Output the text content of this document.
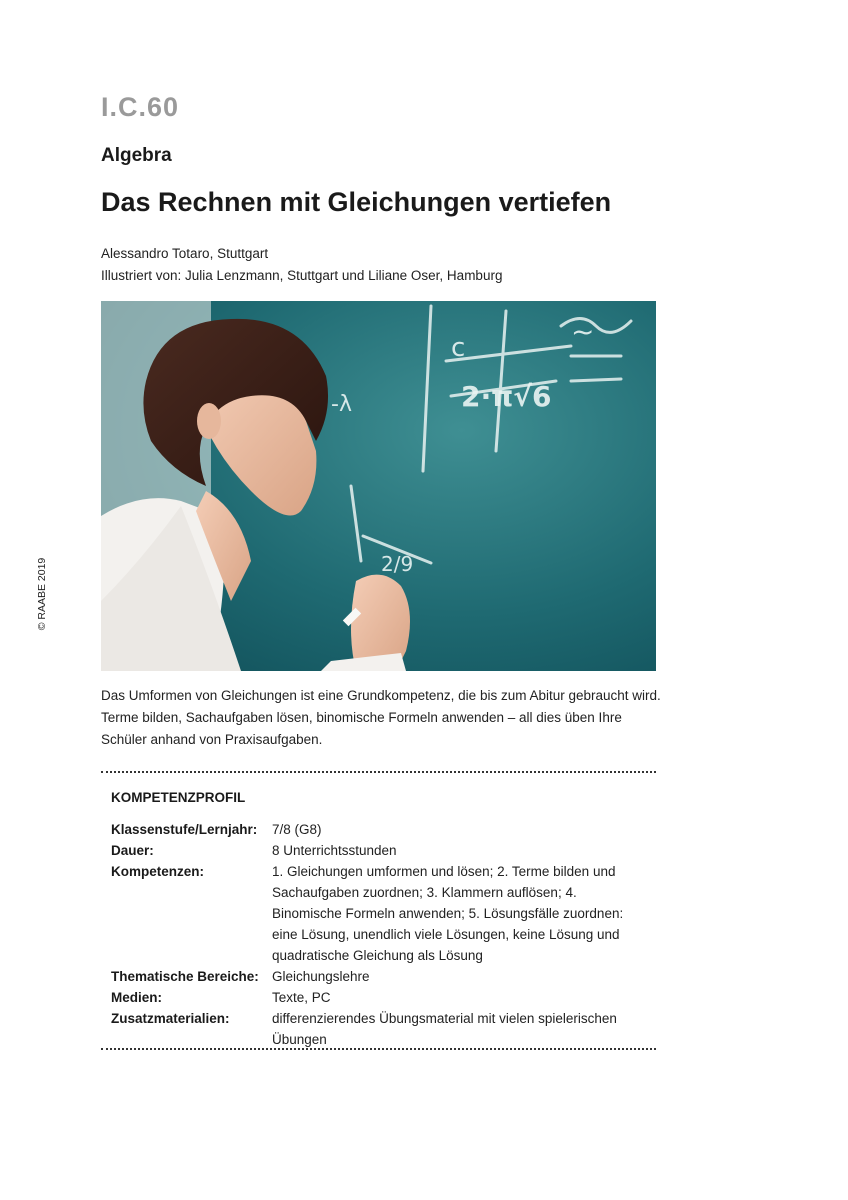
I.C.60
Algebra
Das Rechnen mit Gleichungen vertiefen
Alessandro Totaro, Stuttgart
Illustriert von: Julia Lenzmann, Stuttgart und Liliane Oser, Hamburg
© RAABE 2019
-λ	2⋅π√6
c
2/9
~

Das Umformen von Gleichungen ist eine Grundkompetenz, die bis zum Abitur gebraucht wird. Terme bilden, Sachaufgaben lösen, binomische Formeln anwenden – all dies üben Ihre Schüler anhand von Praxisaufgaben.

KOMPETENZPROFIL
Klassenstufe/Lernjahr:	7/8 (G8)
Dauer:	8 Unterrichtsstunden
Kompetenzen:	1. Gleichungen umformen und lösen; 2. Terme bilden und Sachaufgaben zuordnen; 3. Klammern auflösen; 4. Binomische Formeln anwenden; 5. Lösungsfälle zuordnen: eine Lösung, unendlich viele Lösungen, keine Lösung und quadratische Gleichung als Lösung
Thematische Bereiche: Gleichungslehre
Medien:	Texte, PC
Zusatzmaterialien:	differenzierendes Übungsmaterial mit vielen spielerischen Übungen
